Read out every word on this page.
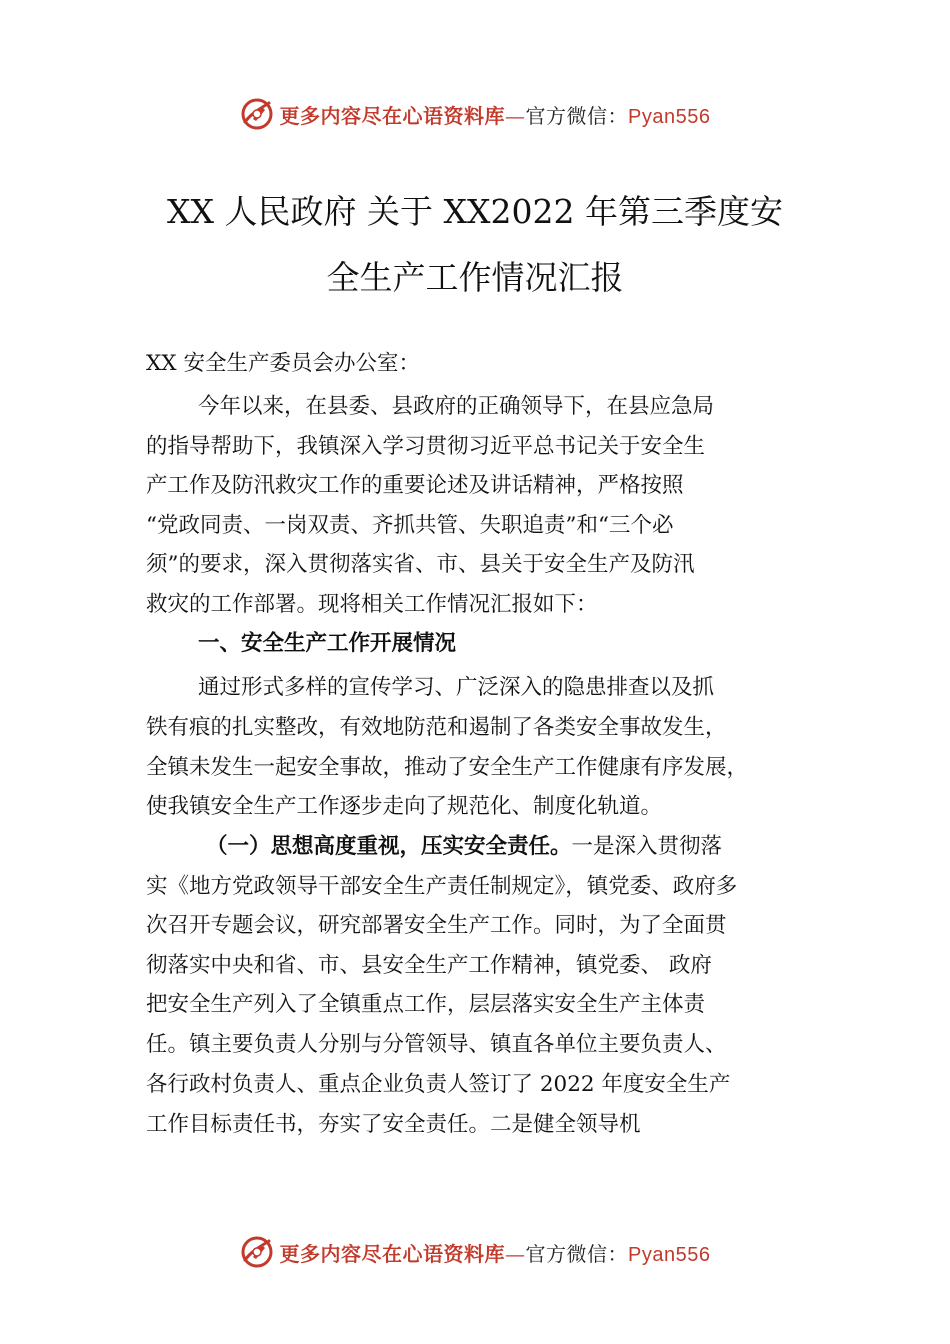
更多内容尽在心语资料库—官方微信：Pyan556
XX 人民政府 关于 XX2022 年第三季度安
全生产工作情况汇报
XX 安全生产委员会办公室：
今年以来，在县委、县政府的正确领导下，在县应急局
的指导帮助下，我镇深入学习贯彻习近平总书记关于安全生
产工作及防汛救灾工作的重要论述及讲话精神，严格按照
“党政同责、一岗双责、齐抓共管、失职追责”和“三个必
须”的要求，深入贯彻落实省、市、县关于安全生产及防汛
救灾的工作部署。现将相关工作情况汇报如下：
一、安全生产工作开展情况
通过形式多样的宣传学习、广泛深入的隐患排查以及抓
铁有痕的扎实整改，有效地防范和遏制了各类安全事故发生，
全镇未发生一起安全事故，推动了安全生产工作健康有序发展，
使我镇安全生产工作逐步走向了规范化、制度化轨道。
（一）思想高度重视，压实安全责任。一是深入贯彻落
实《地方党政领导干部安全生产责任制规定》，镇党委、政府多
次召开专题会议，研究部署安全生产工作。同时，为了全面贯
彻落实中央和省、市、县安全生产工作精神，镇党委、 政府
把安全生产列入了全镇重点工作，层层落实安全生产主体责
任。镇主要负责人分别与分管领导、镇直各单位主要负责人、
各行政村负责人、重点企业负责人签订了 2022 年度安全生产
工作目标责任书，夯实了安全责任。二是健全领导机
更多内容尽在心语资料库—官方微信：Pyan556
